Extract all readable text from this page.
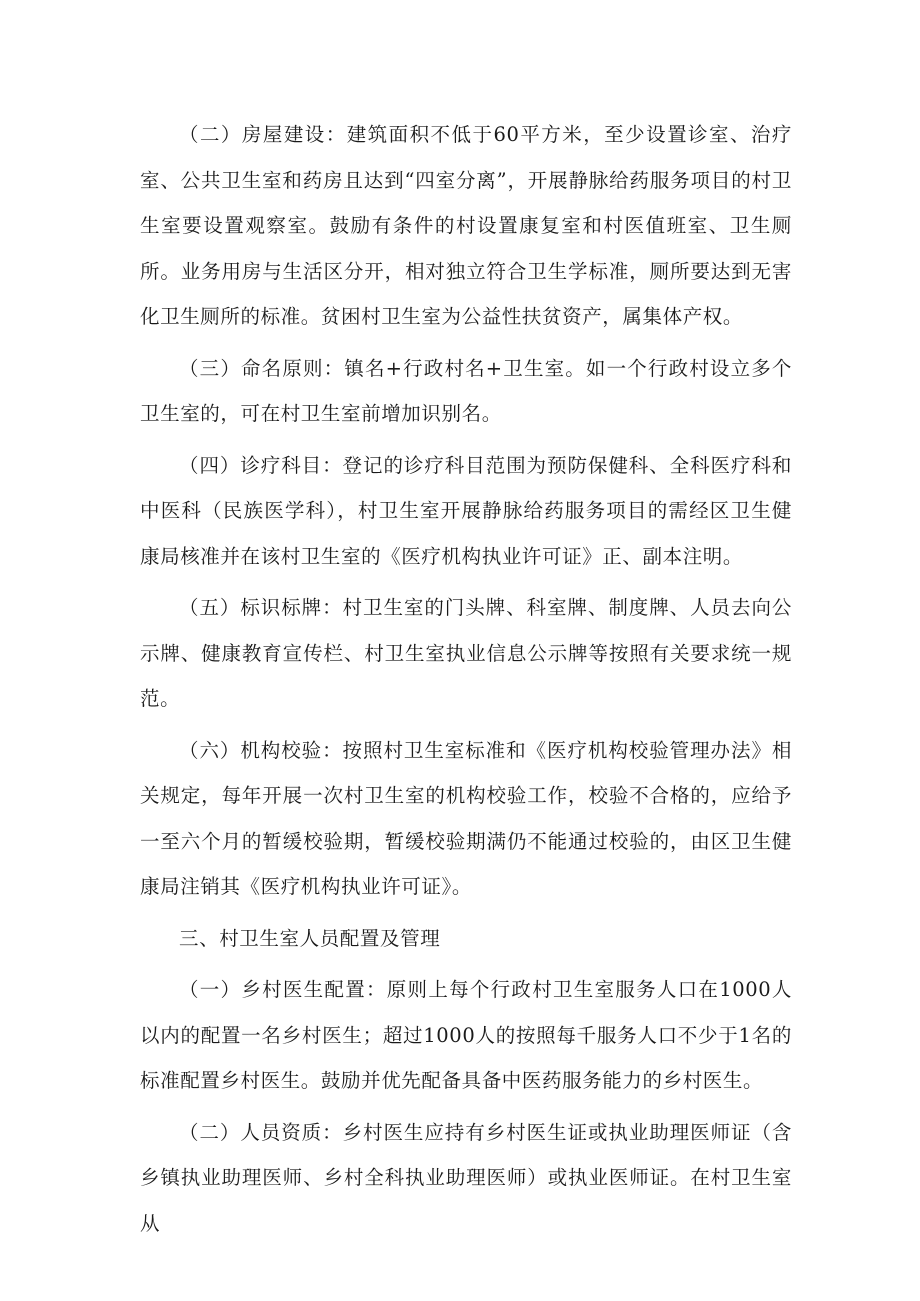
（二）房屋建设：建筑面积不低于60平方米，至少设置诊室、治疗室、公共卫生室和药房且达到“四室分离”，开展静脉给药服务项目的村卫生室要设置观察室。鼓励有条件的村设置康复室和村医值班室、卫生厕所。业务用房与生活区分开，相对独立符合卫生学标准，厕所要达到无害化卫生厕所的标准。贫困村卫生室为公益性扶贫资产，属集体产权。

（三）命名原则：镇名+行政村名+卫生室。如一个行政村设立多个卫生室的，可在村卫生室前增加识别名。

（四）诊疗科目：登记的诊疗科目范围为预防保健科、全科医疗科和中医科（民族医学科），村卫生室开展静脉给药服务项目的需经区卫生健康局核准并在该村卫生室的《医疗机构执业许可证》正、副本注明。

（五）标识标牌：村卫生室的门头牌、科室牌、制度牌、人员去向公示牌、健康教育宣传栏、村卫生室执业信息公示牌等按照有关要求统一规范。

（六）机构校验：按照村卫生室标准和《医疗机构校验管理办法》相关规定，每年开展一次村卫生室的机构校验工作，校验不合格的，应给予一至六个月的暂缓校验期，暂缓校验期满仍不能通过校验的，由区卫生健康局注销其《医疗机构执业许可证》。

三、村卫生室人员配置及管理

（一）乡村医生配置：原则上每个行政村卫生室服务人口在1000人以内的配置一名乡村医生；超过1000人的按照每千服务人口不少于1名的标准配置乡村医生。鼓励并优先配备具备中医药服务能力的乡村医生。

（二）人员资质：乡村医生应持有乡村医生证或执业助理医师证（含乡镇执业助理医师、乡村全科执业助理医师）或执业医师证。在村卫生室从
